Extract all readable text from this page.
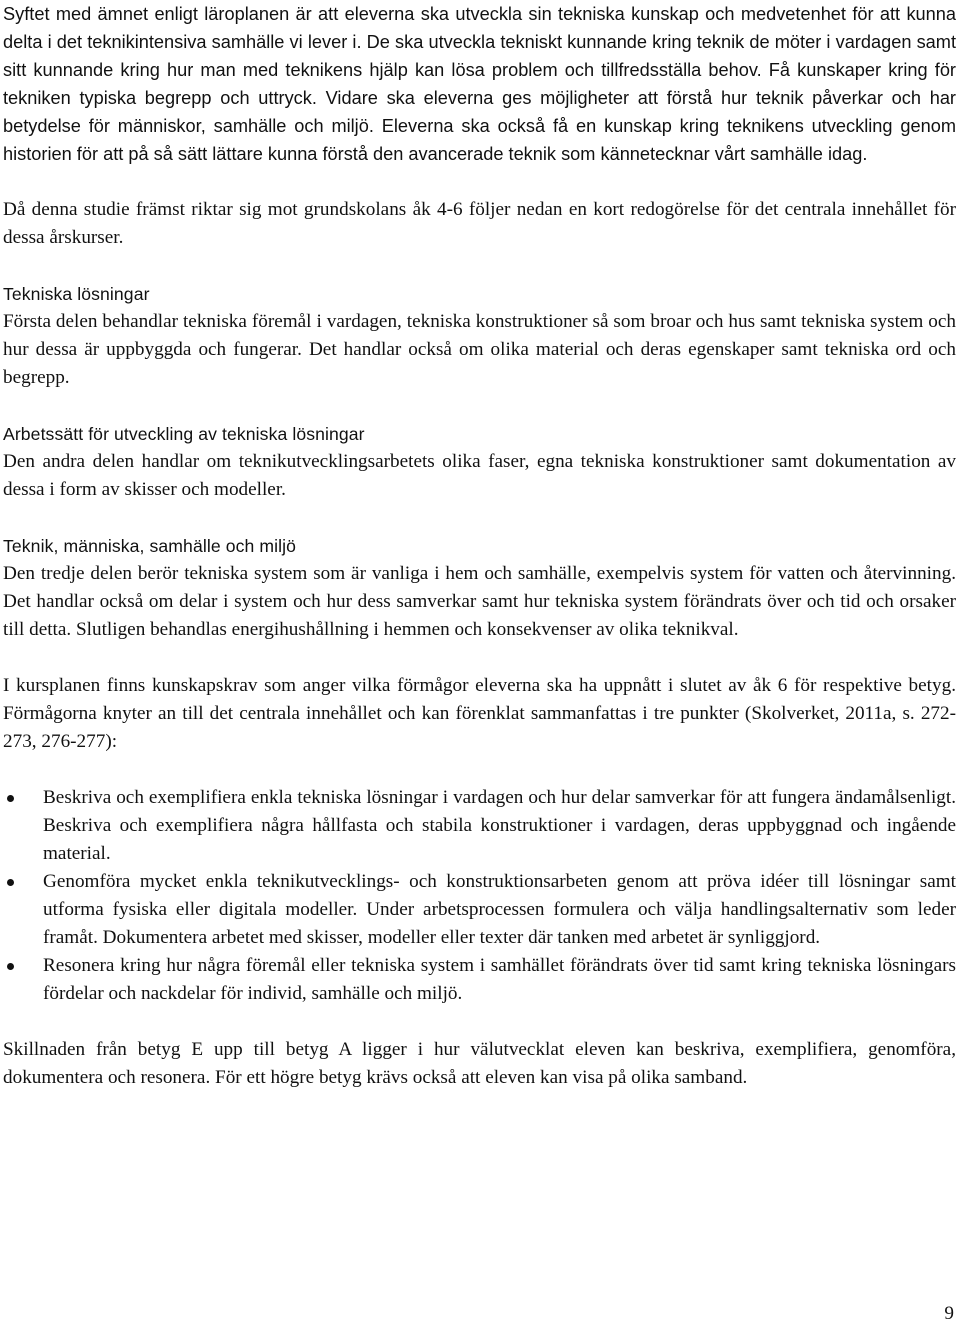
Syftet med ämnet enligt läroplanen är att eleverna ska utveckla sin tekniska kunskap och medvetenhet för att kunna delta i det teknikintensiva samhälle vi lever i. De ska utveckla tekniskt kunnande kring teknik de möter i vardagen samt sitt kunnande kring hur man med teknikens hjälp kan lösa problem och tillfredsställa behov. Få kunskaper kring för tekniken typiska begrepp och uttryck. Vidare ska eleverna ges möjligheter att förstå hur teknik påverkar och har betydelse för människor, samhälle och miljö. Eleverna ska också få en kunskap kring teknikens utveckling genom historien för att på så sätt lättare kunna förstå den avancerade teknik som kännetecknar vårt samhälle idag.

Då denna studie främst riktar sig mot grundskolans åk 4-6 följer nedan en kort redogörelse för det centrala innehållet för dessa årskurser.

Tekniska lösningar

Första delen behandlar tekniska föremål i vardagen, tekniska konstruktioner så som broar och hus samt tekniska system och hur dessa är uppbyggda och fungerar. Det handlar också om olika material och deras egenskaper samt tekniska ord och begrepp.

Arbetssätt för utveckling av tekniska lösningar

Den andra delen handlar om teknikutvecklingsarbetets olika faser, egna tekniska konstruktioner samt dokumentation av dessa i form av skisser och modeller.

Teknik, människa, samhälle och miljö

Den tredje delen berör tekniska system som är vanliga i hem och samhälle, exempelvis system för vatten och återvinning. Det handlar också om delar i system och hur dess samverkar samt hur tekniska system förändrats över och tid och orsaker till detta. Slutligen behandlas energihushållning i hemmen och konsekvenser av olika teknikval.

I kursplanen finns kunskapskrav som anger vilka förmågor eleverna ska ha uppnått i slutet av åk 6 för respektive betyg. Förmågorna knyter an till det centrala innehållet och kan förenklat sammanfattas i tre punkter (Skolverket, 2011a, s. 272-273, 276-277):

Beskriva och exemplifiera enkla tekniska lösningar i vardagen och hur delar samverkar för att fungera ändamålsenligt. Beskriva och exemplifiera några hållfasta och stabila konstruktioner i vardagen, deras uppbyggnad och ingående material.
Genomföra mycket enkla teknikutvecklings- och konstruktionsarbeten genom att pröva idéer till lösningar samt utforma fysiska eller digitala modeller. Under arbetsprocessen formulera och välja handlingsalternativ som leder framåt. Dokumentera arbetet med skisser, modeller eller texter där tanken med arbetet är synliggjord.
Resonera kring hur några föremål eller tekniska system i samhället förändrats över tid samt kring tekniska lösningars fördelar och nackdelar för individ, samhälle och miljö.

Skillnaden från betyg E upp till betyg A ligger i hur välutvecklat eleven kan beskriva, exemplifiera, genomföra, dokumentera och resonera. För ett högre betyg krävs också att eleven kan visa på olika samband.

9
